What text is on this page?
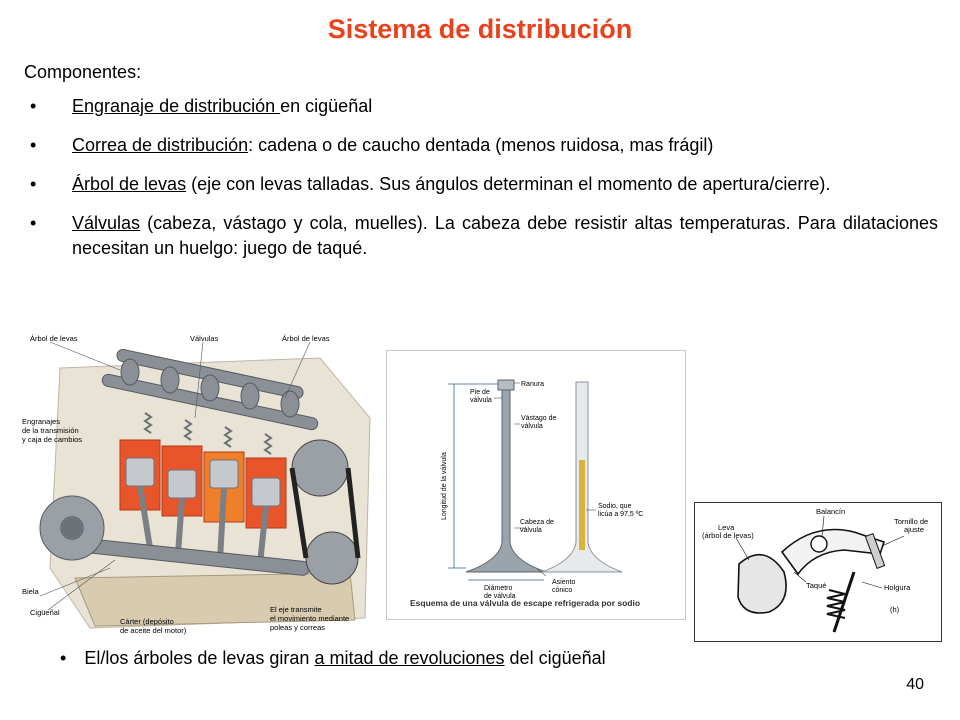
Sistema de distribución
Componentes:
• Engranaje de distribución en cigüeñal
• Correa de distribución: cadena o de caucho dentada (menos ruidosa, mas frágil)
• Árbol de levas (eje con levas talladas. Sus ángulos determinan el momento de apertura/cierre).
• Válvulas (cabeza, vástago y cola, muelles). La cabeza debe resistir altas temperaturas. Para dilataciones necesitan un huelgo: juego de taqué.
Árbol de levas	Válvulas	Árbol de levas
Engranajes
de la transmisión
y caja de cambios
Biela
Cigüeñal
Cárter (depósito
de aceite del motor)
El eje transmite
el movimiento mediante
poleas y correas
Pie de
válvula
Ranura
Vástago de
válvula
Longitud de la válvula	Sodio, que
licúa a 97,5 ºC
Cabeza de
válvula
Diámetro
de válvula
Asiento
cónico
Esquema de una válvula de escape refrigerada por sodio
Balancín
Leva
(árbol de levas)
Tornillo de
ajuste
Taqué	Holgura
(h)
• El/los árboles de levas giran a mitad de revoluciones del cigüeñal
40
